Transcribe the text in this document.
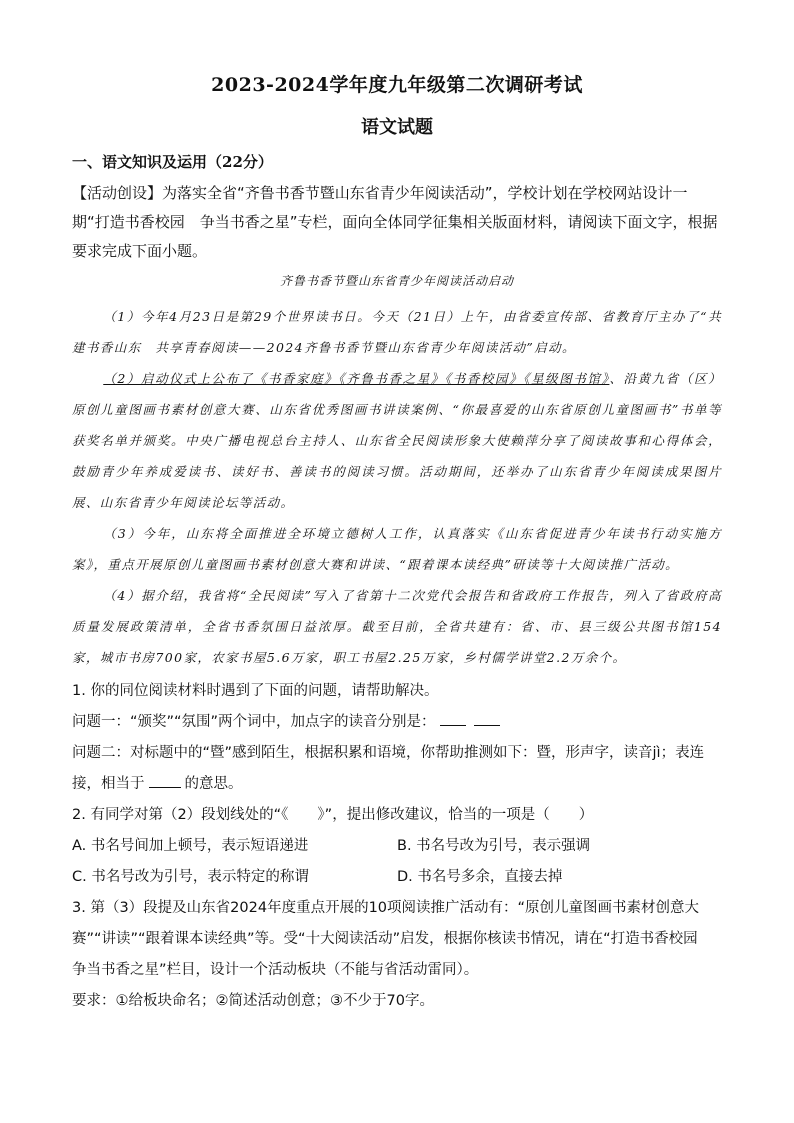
2023-2024学年度九年级第二次调研考试
语文试题
一、语文知识及运用（22分）
【活动创设】为落实全省“齐鲁书香节暨山东省青少年阅读活动”，学校计划在学校网站设计一期“打造书香校园　争当书香之星”专栏，面向全体同学征集相关版面材料，请阅读下面文字，根据要求完成下面小题。
齐鲁书香节暨山东省青少年阅读活动启动

（1）今年4月23日是第29个世界读书日。今天（21日）上午，由省委宣传部、省教育厅主办了“共建书香山东　共享青春阅读——2024齐鲁书香节暨山东省青少年阅读活动”启动。

（2）启动仪式上公布了《书香家庭》《齐鲁书香之星》《书香校园》《星级图书馆》、沿黄九省（区）原创儿童图画书素材创意大赛、山东省优秀图画书讲读案例、“你最喜爱的山东省原创儿童图画书”书单等获奖名单并颁奖。中央广播电视总台主持人、山东省全民阅读形象大使赖萍分享了阅读故事和心得体会，鼓励青少年养成爱读书、读好书、善读书的阅读习惯。活动期间，还举办了山东省青少年阅读成果图片展、山东省青少年阅读论坛等活动。

（3）今年，山东将全面推进全环境立德树人工作，认真落实《山东省促进青少年读书行动实施方案》，重点开展原创儿童图画书素材创意大赛和讲读、“跟着课本读经典”研读等十大阅读推广活动。

（4）据介绍，我省将“全民阅读”写入了省第十二次党代会报告和省政府工作报告，列入了省政府高质量发展政策清单，全省书香氛围日益浓厚。截至目前，全省共建有：省、市、县三级公共图书馆154家，城市书房700家，农家书屋5.6万家，职工书屋2.25万家，乡村儒学讲堂2.2万余个。

1. 你的同位阅读材料时遇到了下面的问题，请帮助解决。

问题一：“颁奖”“氛围”两个词中，加点字的读音分别是：

问题二：对标题中的“暨”感到陌生，根据积累和语境，你帮助推测如下：暨，形声字，读音jì；表连接，相当于	的意思。

2. 有同学对第（2）段划线处的“《　　》”，提出修改建议，恰当的一项是（　　）

A. 书名号间加上顿号，表示短语递进	B. 书名号改为引号，表示强调
C. 书名号改为引号，表示特定的称谓	D. 书名号多余，直接去掉

3. 第（3）段提及山东省2024年度重点开展的10项阅读推广活动有：“原创儿童图画书素材创意大赛”“讲读”“跟着课本读经典”等。受“十大阅读活动”启发，根据你核读书情况，请在“打造书香校园　争当书香之星”栏目，设计一个活动板块（不能与省活动雷同）。

要求：①给板块命名；②简述活动创意；③不少于70字。
